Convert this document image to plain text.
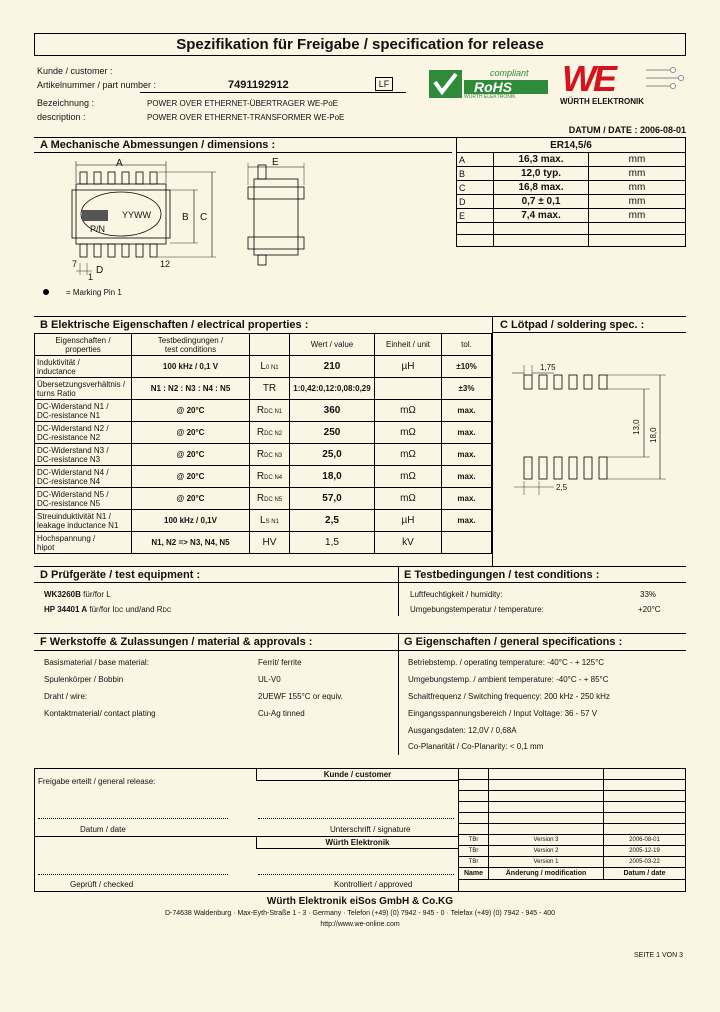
Spezifikation für Freigabe / specification for release
Kunde / customer :
Artikelnummer / part number :	7491192912	LF
Bezeichnung :	POWER OVER ETHERNET-ÜBERTRAGER WE-PoE
description :	POWER OVER ETHERNET-TRANSFORMER WE-PoE
compliant
RoHS
WÜRTH ELEKTRONIK WE
WÜRTH ELEKTRONIK
DATUM / DATE : 2006-08-01
A Mechanische Abmessungen / dimensions :	ER14,5/6		
A	16,3 max.	mm
B	12,0 typ.	mm
C	16,8 max.	mm
D	0,7 ± 0,1	mm
E	7,4 max.	mm

A
B C
D
E
7	12
1
YYWW
P/N
= Marking Pin 1
B Elektrische Eigenschaften / electrical properties :	C Lötpad / soldering spec. :
Eigenschaften /
properties	Testbedingungen /
test conditions		Wert / value	Einheit / unit	tol.
Induktivität /
inductance	100 kHz / 0,1 V	L0 N1	210	µH	±10%
Übersetzungsverhältnis /
turns Ratio	N1 : N2 : N3 : N4 : N5	TR	1:0,42:0,12:0,08:0,29		±3%
DC-Widerstand N1 /
DC-resistance N1	@ 20°C	RDC N1	360	mΩ	max.
DC-Widerstand N2 /
DC-resistance N2	@ 20°C	RDC N2	250	mΩ	max.
DC-Widerstand N3 /
DC-resistance N3	@ 20°C	RDC N3	25,0	mΩ	max.
DC-Widerstand N4 /
DC-resistance N4	@ 20°C	RDC N4	18,0	mΩ	max.
DC-Widerstand N5 /
DC-resistance N5	@ 20°C	RDC N5	57,0	mΩ	max.
Streuinduktivität N1 /
leakage inductance N1	100 kHz / 0,1V	LS N1	2,5	µH	max.
Hochspannung /
hipot	N1, N2 => N3, N4, N5	HV	1,5	kV	
1,75
13,0
18,0
2,5
D Prüfgeräte / test equipment :	E Testbedingungen / test conditions :
WK3260B für/for L
HP 34401 A für/for IDC und/and RDC
Luftfeuchtigkeit / humidity:	33%
Umgebungstemperatur / temperature:	+20°C
F Werkstoffe & Zulassungen / material & approvals :	G Eigenschaften / general specifications :
Basismaterial / base material:	Ferrit/ ferrite
Spulenkörper / Bobbin	UL-V0
Draht / wire:	2UEWF 155°C or equiv.
Kontaktmaterial/ contact plating	Cu-Ag tinned
Betriebstemp. / operating temperature: -40°C - + 125°C
Umgebungstemp. / ambient temperature: -40°C - + 85°C
Schaltfrequenz / Switching frequency: 200 kHz - 250 kHz
Eingangsspannungsbereich / Input Voltage: 36 - 57 V
Ausgangsdaten: 12,0V / 0,68A
Co-Planarität / Co-Planarity: < 0,1 mm
Kunde / customer
Würth Elektronik
Freigabe erteilt / general release:
Datum / date	Unterschrift / signature
Geprüft / checked	Kontrolliert / approved

TBr	Version 3	2006-08-01
TBr	Version 2	2005-12-19
TBr	Version 1	2005-03-22
Name	Änderung / modification	Datum / date
Würth Elektronik eiSos GmbH & Co.KG
D-74638 Waldenburg · Max-Eyth-Straße 1 - 3 · Germany · Telefon (+49) (0) 7942 - 945 - 0 · Telefax (+49) (0) 7942 - 945 - 400
http://www.we-online.com
SEITE 1 VON 3
